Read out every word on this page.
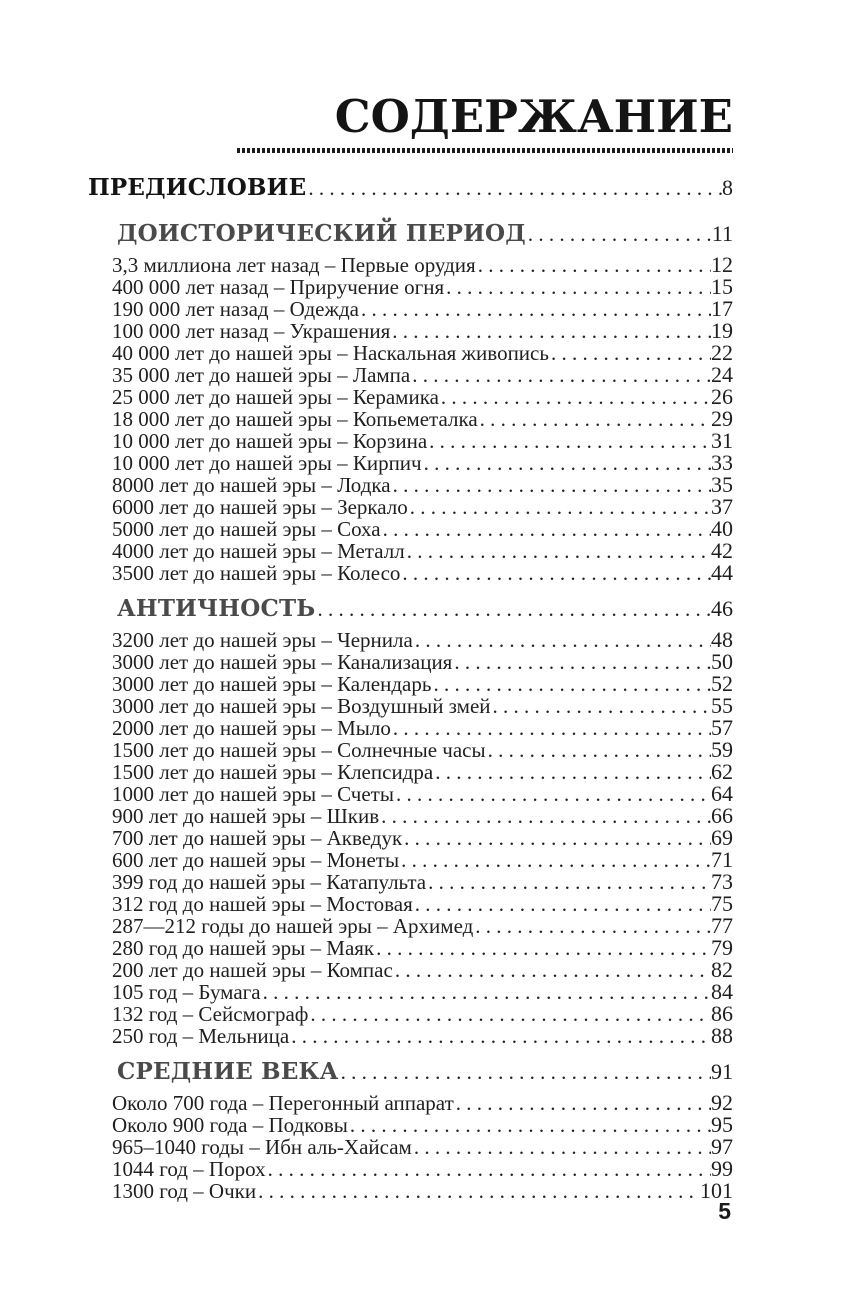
СОДЕРЖАНИЕ
ПРЕДИСЛОВИЕ . . .	8
ДОИСТОРИЧЕСКИЙ ПЕРИОД . . .	11
3,3 миллиона лет назад – Первые орудия . . .	12
400 000 лет назад – Приручение огня . . .	15
190 000 лет назад – Одежда . . .	17
100 000 лет назад – Украшения . . .	19
40 000 лет до нашей эры – Наскальная живопись . . .	22
35 000 лет до нашей эры – Лампа . . .	24
25 000 лет до нашей эры – Керамика . . .	26
18 000 лет до нашей эры – Копьеметалка . . .	29
10 000 лет до нашей эры – Корзина . . .	31
10 000 лет до нашей эры – Кирпич . . .	33
8000 лет до нашей эры – Лодка . . .	35
6000 лет до нашей эры – Зеркало . . .	37
5000 лет до нашей эры – Соха . . .	40
4000 лет до нашей эры – Металл . . .	42
3500 лет до нашей эры – Колесо . . .	44
АНТИЧНОСТЬ . . .	46
3200 лет до нашей эры – Чернила . . .	48
3000 лет до нашей эры – Канализация . . .	50
3000 лет до нашей эры – Календарь . . .	52
3000 лет до нашей эры – Воздушный змей . . .	55
2000 лет до нашей эры – Мыло . . .	57
1500 лет до нашей эры – Солнечные часы . . .	59
1500 лет до нашей эры – Клепсидра . . .	62
1000 лет до нашей эры – Счеты . . .	64
900 лет до нашей эры – Шкив . . .	66
700 лет до нашей эры – Акведук . . .	69
600 лет до нашей эры – Монеты . . .	71
399 год до нашей эры – Катапульта . . .	73
312 год до нашей эры – Мостовая . . .	75
287—212 годы до нашей эры – Архимед . . .	77
280 год до нашей эры – Маяк . . .	79
200 лет до нашей эры – Компас . . .	82
105 год – Бумага . . .	84
132 год – Сейсмограф . . .	86
250 год – Мельница . . .	88
СРЕДНИЕ ВЕКА . . .	91
Около 700 года – Перегонный аппарат . . .	92
Около 900 года – Подковы . . .	95
965–1040 годы – Ибн аль-Хайсам . . .	97
1044 год – Порох . . .	99
1300 год – Очки . . .	101
5
